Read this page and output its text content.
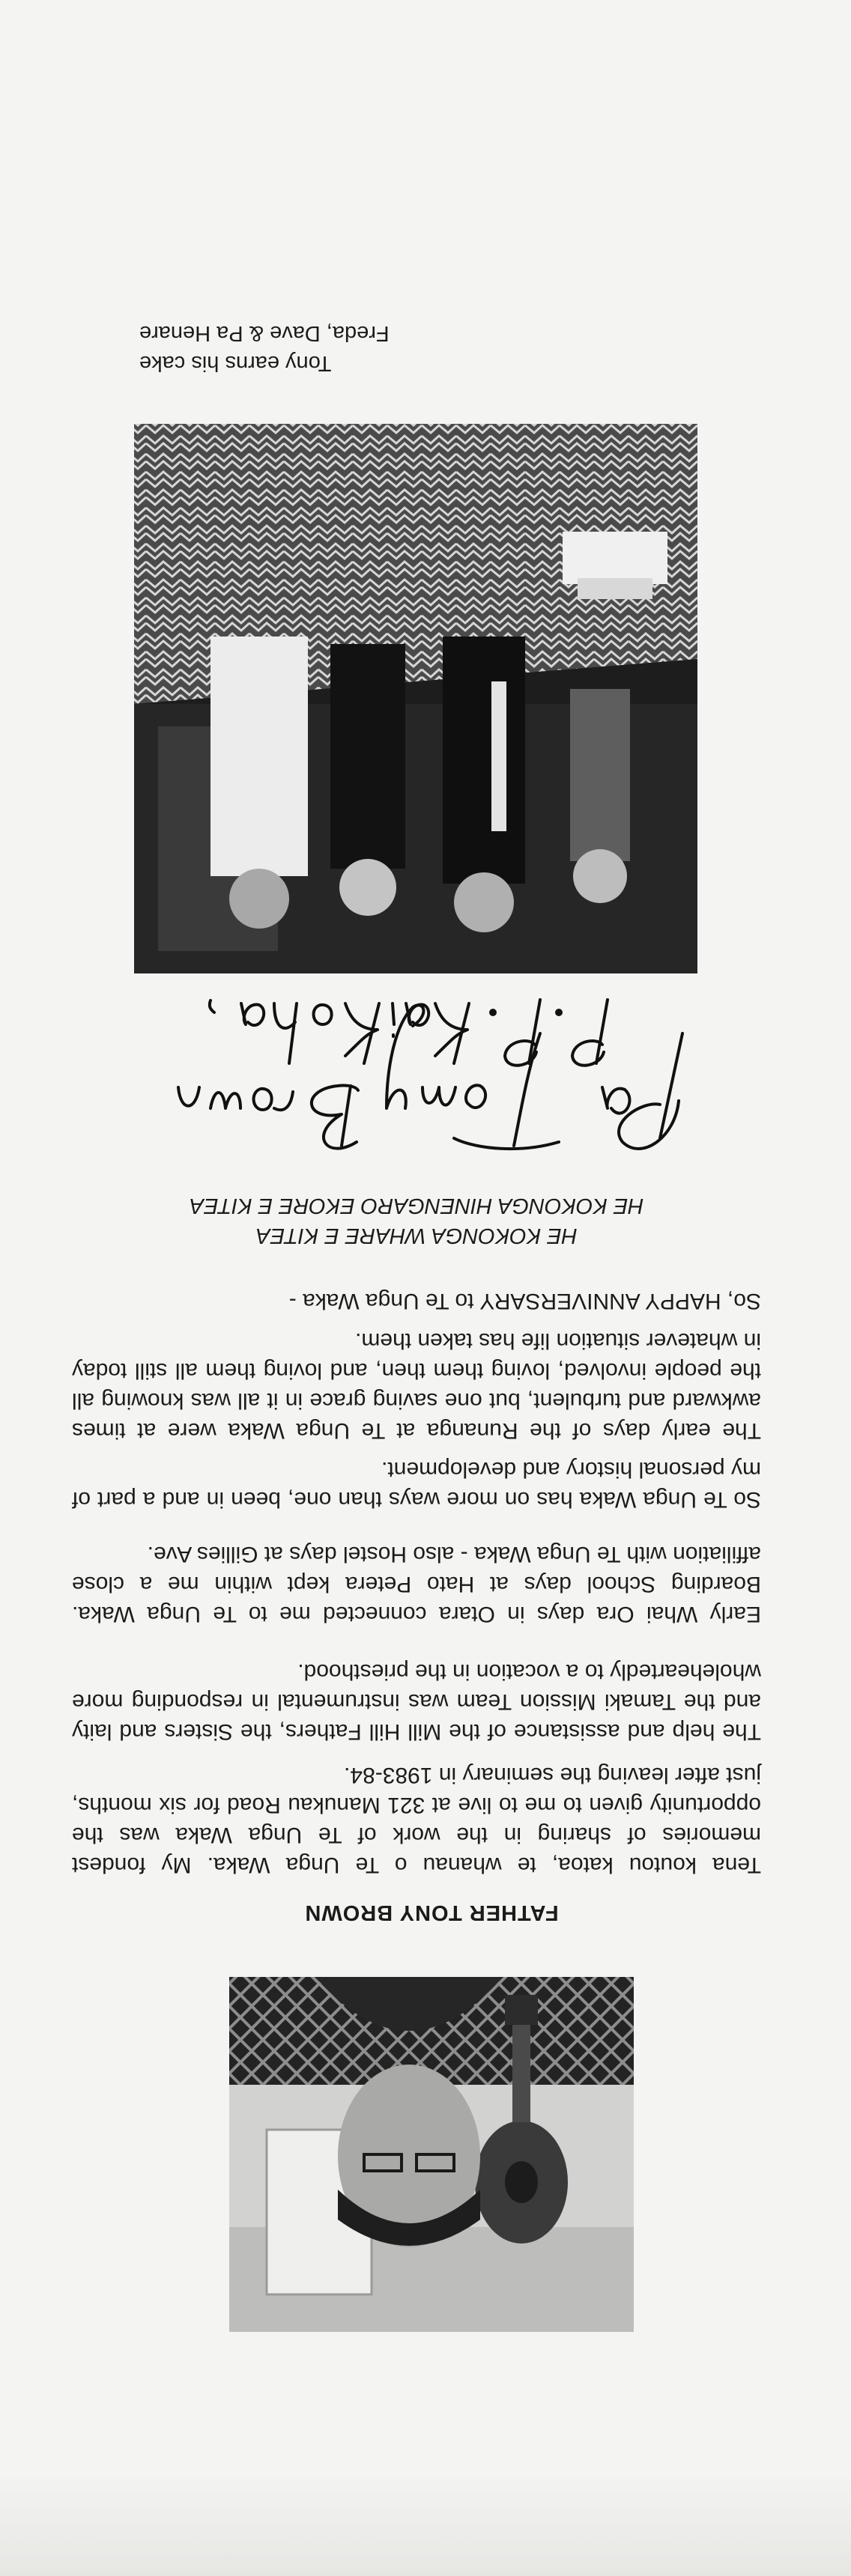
FATHER TONY BROWN

Tena koutou katoa, te whanau o Te Unga Waka. My fondest memories of sharing in the work of Te Unga Waka was the opportunity given to me to live at 321 Manukau Road for six months, just after leaving the seminary in 1983-84.

The help and assistance of the Mill Hill Fathers, the Sisters and laity and the Tamaki Mission Team was instrumental in responding more wholeheartedly to a vocation in the priesthood.

Early Whai Ora days in Otara connected me to Te Unga Waka. Boarding School days at Hato Petera kept within me a close affiliation with Te Unga Waka - also Hostel days at Gillies Ave.

So Te Unga Waka has on more ways than one, been in and a part of my personal history and development.

The early days of the Runanga at Te Unga Waka were at times awkward and turbulent, but one saving grace in it all was knowing all the people involved, loving them then, and loving them all still today in whatever situation life has taken them.

So, HAPPY ANNIVERSARY to Te Unga Waka -
HE KOKONGA WHARE E KITEA
HE KOKONGA HINENGARO EKORE E KITEA
Tony earns his cake
Freda, Dave & Pa Henare
